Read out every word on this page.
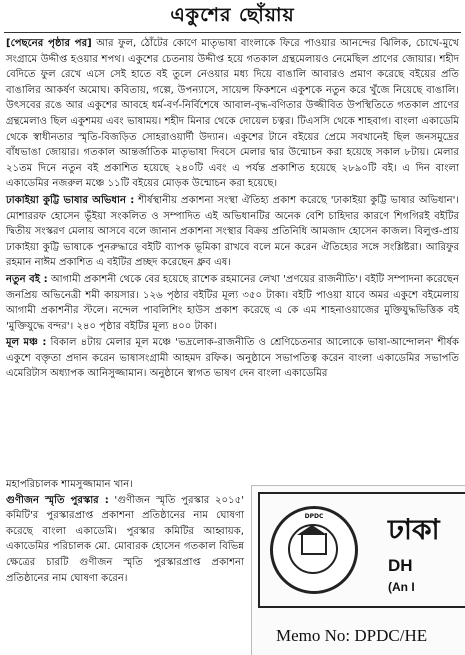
একুশের ছোঁয়ায়

[পেছনের পৃষ্ঠার পর] আর ফুল, ঠোঁটের কোণে মাতৃভাষা বাংলাকে ফিরে পাওয়ার আনন্দের ঝিলিক, চোখে-মুখে সংগ্রামে উদ্দীপ্ত হওয়ার শপথ। একুশের চেতনায় উদ্দীপ্ত হয়ে গতকাল গ্রন্থমেলায়ও নেমেছিল প্রাণের জোয়ার। শহীদ বেদিতে ফুল রেখে এসে সেই হাতে বই তুলে নেওয়ার মধ্য দিয়ে বাঙালি আবারও প্রমাণ করেছে বইয়ের প্রতি বাঙালির আকর্ষণ অমোঘ। কবিতায়, গল্পে, উপন্যাসে, সায়েন্স ফিকশনে একুশকে নতুন করে খুঁজে নিয়েছে বাঙালি। উৎসবের রঙে আর একুশের আবহে ধর্ম-বর্ণ-নির্বিশেষে আবাল-বৃদ্ধ-বণিতার উজ্জীবিত উপস্থিতিতে গতকাল প্রাণের গ্রন্থমেলাও ছিল একুশময় এবং ভাষাময়। শহীদ মিনার থেকে দোয়েল চত্বর। টিএসসি থেকে শাহবাগ। বাংলা একাডেমি থেকে স্বাধীনতার স্মৃতি-বিজড়িত সোহরাওয়ার্দী উদ্যান। একুশের টানে বইয়ের প্রেমে সবখানেই ছিল জনসমুদ্রের বাঁধভাঙা জোয়ার। গতকাল আন্তর্জাতিক মাতৃভাষা দিবসে মেলার দ্বার উন্মোচন করা হয়েছে সকাল ৮টায়। মেলার ২১তম দিনে নতুন বই প্রকাশিত হয়েছে ২৪০টি এবং এ পর্যন্ত প্রকাশিত হয়েছে ২৮৯০টি বই। এ দিন বাংলা একাডেমির নজরুল মঞ্চে ১১টি বইয়ের মোড়ক উন্মোচন করা হয়েছে।

ঢাকাইয়া কুট্টি ভাষার অভিধান : শীর্ষস্থানীয় প্রকাশনা সংস্থা ঐতিহ্য প্রকাশ করেছে 'ঢাকাইয়া কুট্টি ভাষার অভিধান'। মোশাররফ হোসেন ভূঁইয়া সংকলিত ও সম্পাদিত এই অভিধানটির অনেক বেশি চাহিদার কারণে শিগগিরই বইটির দ্বিতীয় সংস্করণ মেলায় আসবে বলে জানান প্রকাশনা সংস্থার বিক্রয় প্রতিনিধি আমজাদ হোসেন কাজল। বিলুপ্ত-প্রায় ঢাকাইয়া কুট্টি ভাষাকে পুনরুদ্ধারে বইটি ব্যাপক ভূমিকা রাখবে বলে মনে করেন ঐতিহ্যের সঙ্গে সংশ্লিষ্টরা। আরিফুর রহমান নাঈম প্রকাশিত এ বইটির প্রচ্ছদ করেছেন ধ্রুব এষ।

নতুন বই : আগামী প্রকাশনী থেকে বের হয়েছে রাশেক রহমানের লেখা 'প্রণয়ের রাজনীতি'। বইটি সম্পাদনা করেছেন জনপ্রিয় অভিনেত্রী শমী কায়সার। ১২৬ পৃষ্ঠার বইটির মূল্য ৩৫০ টাকা। বইটি পাওয়া যাবে অমর একুশে বইমেলায় আগামী প্রকাশনীর স্টলে। নন্দেল পাবলিশিং হাউস প্রকাশ করেছে এ কে এম শাহনাওয়াজের মুক্তিযুদ্ধভিত্তিক বই 'মুক্তিযুদ্ধে বন্দর'। ২৪০ পৃষ্ঠার বইটির মূল্য ৪০০ টাকা।

মূল মঞ্চ : বিকাল ৪টায় মেলার মূল মঞ্চে 'ভদ্রলোক-রাজনীতি ও শ্রেণিচেতনার আলোকে ভাষা-আন্দোলন' শীর্ষক একুশে বক্তৃতা প্রদান করেন ভাষাসংগ্রামী আহমদ রফিক। অনুষ্ঠানে সভাপতিত্ব করেন বাংলা একাডেমির সভাপতি এমেরিটাস অধ্যাপক আনিসুজ্জামান। অনুষ্ঠানে স্বাগত ভাষণ দেন বাংলা একাডেমির

মহাপরিচালক শামসুজ্জামান খান।

গুণীজন স্মৃতি পুরস্কার : 'গুণীজন স্মৃতি পুরস্কার ২০১৫' কমিটি'র পুরস্কারপ্রাপ্ত প্রকাশনা প্রতিষ্ঠানের নাম ঘোষণা করেছে বাংলা একাডেমি। পুরস্কার কমিটির আহ্বায়ক, একাডেমির পরিচালক মো. মোবারক হোসেন গতকাল বিভিন্ন ক্ষেত্রের চারটি গুণীজন স্মৃতি পুরস্কারপ্রাপ্ত প্রকাশনা প্রতিষ্ঠানের নাম ঘোষণা করেন।

DPDC	ঢাকা
DH
(An I
Memo No: DPDC/HE
